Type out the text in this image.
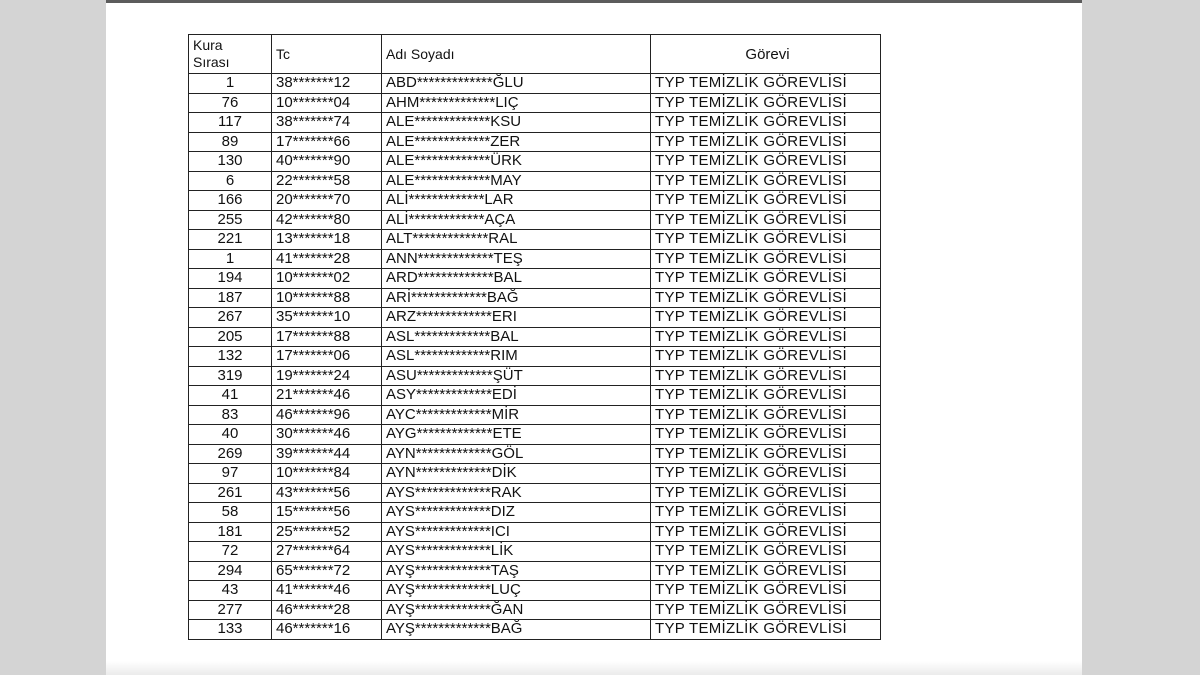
Kura
Sırası	Tc	Adı Soyadı	Görevi
1	38*******12	ABD*************ĞLU	TYP TEMİZLİK GÖREVLİSİ
76	10*******04	AHM*************LIÇ	TYP TEMİZLİK GÖREVLİSİ
117	38*******74	ALE*************KSU	TYP TEMİZLİK GÖREVLİSİ
89	17*******66	ALE*************ZER	TYP TEMİZLİK GÖREVLİSİ
130	40*******90	ALE*************ÜRK	TYP TEMİZLİK GÖREVLİSİ
6	22*******58	ALE*************MAY	TYP TEMİZLİK GÖREVLİSİ
166	20*******70	ALİ*************LAR	TYP TEMİZLİK GÖREVLİSİ
255	42*******80	ALİ*************AÇA	TYP TEMİZLİK GÖREVLİSİ
221	13*******18	ALT*************RAL	TYP TEMİZLİK GÖREVLİSİ
1	41*******28	ANN*************TEŞ	TYP TEMİZLİK GÖREVLİSİ
194	10*******02	ARD*************BAL	TYP TEMİZLİK GÖREVLİSİ
187	10*******88	ARİ*************BAĞ	TYP TEMİZLİK GÖREVLİSİ
267	35*******10	ARZ*************ERI	TYP TEMİZLİK GÖREVLİSİ
205	17*******88	ASL*************BAL	TYP TEMİZLİK GÖREVLİSİ
132	17*******06	ASL*************RIM	TYP TEMİZLİK GÖREVLİSİ
319	19*******24	ASU*************ŞÜT	TYP TEMİZLİK GÖREVLİSİ
41	21*******46	ASY*************EDİ	TYP TEMİZLİK GÖREVLİSİ
83	46*******96	AYC*************MİR	TYP TEMİZLİK GÖREVLİSİ
40	30*******46	AYG*************ETE	TYP TEMİZLİK GÖREVLİSİ
269	39*******44	AYN*************GÖL	TYP TEMİZLİK GÖREVLİSİ
97	10*******84	AYN*************DİK	TYP TEMİZLİK GÖREVLİSİ
261	43*******56	AYS*************RAK	TYP TEMİZLİK GÖREVLİSİ
58	15*******56	AYS*************DIZ	TYP TEMİZLİK GÖREVLİSİ
181	25*******52	AYS*************ICI	TYP TEMİZLİK GÖREVLİSİ
72	27*******64	AYS*************LİK	TYP TEMİZLİK GÖREVLİSİ
294	65*******72	AYŞ*************TAŞ	TYP TEMİZLİK GÖREVLİSİ
43	41*******46	AYŞ*************LUÇ	TYP TEMİZLİK GÖREVLİSİ
277	46*******28	AYŞ*************ĞAN	TYP TEMİZLİK GÖREVLİSİ
133	46*******16	AYŞ*************BAĞ	TYP TEMİZLİK GÖREVLİSİ
